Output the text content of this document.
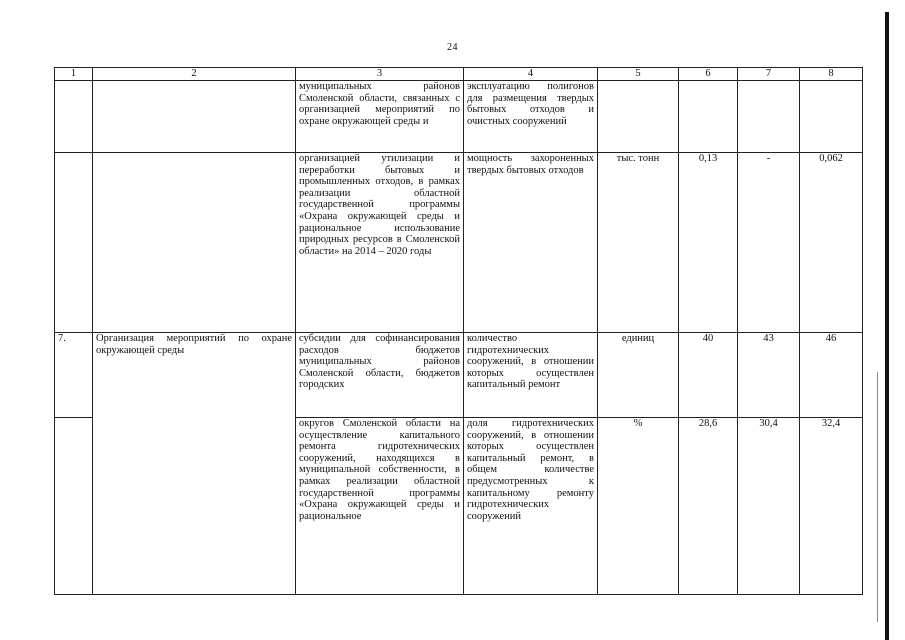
24
1	2	3	4	5	6	7	8
		муниципальных районов Смоленской области, связанных с организацией мероприятий по охране окружающей среды и	эксплуатацию полигонов для размещения твердых бытовых отходов и очистных сооружений				
		организацией утилизации и переработки бытовых и промышленных отходов, в рамках реализации областной государственной программы «Охрана окружающей среды и рациональное использование природных ресурсов в Смоленской области» на 2014 – 2020 годы	мощность захороненных твердых бытовых отходов	тыс. тонн	0,13	-	0,062
7.	Организация мероприятий по охране окружающей среды	субсидии для софинансирования расходов бюджетов муниципальных районов Смоленской области, бюджетов городских	количество гидротехнических сооружений, в отношении которых осуществлен капитальный ремонт	единиц	40	43	46
		округов Смоленской области на осуществление капитального ремонта гидротехнических сооружений, находящихся в муниципальной собственности, в рамках реализации областной государственной программы «Охрана окружающей среды и рациональное	доля гидротехнических сооружений, в отношении которых осуществлен капитальный ремонт, в общем количестве предусмотренных к капитальному ремонту гидротехнических сооружений	%	28,6	30,4	32,4
